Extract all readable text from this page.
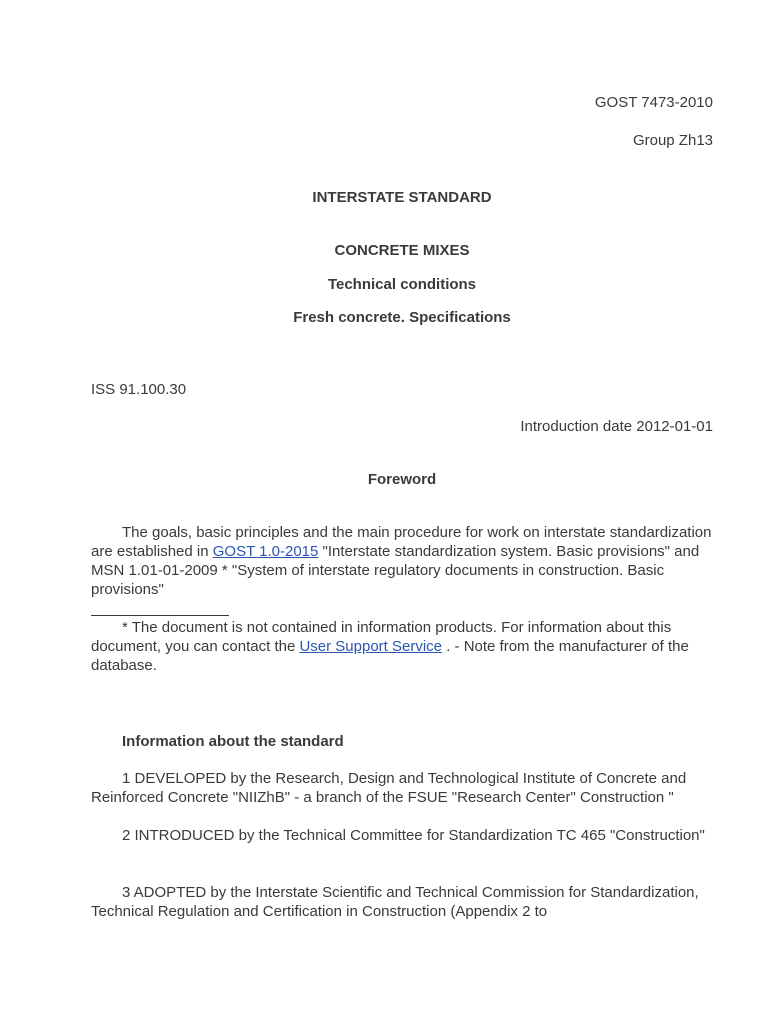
GOST 7473-2010
Group Zh13
INTERSTATE STANDARD
CONCRETE MIXES
Technical conditions
Fresh concrete. Specifications
ISS 91.100.30
Introduction date 2012-01-01
Foreword
The goals, basic principles and the main procedure for work on interstate standardization are established in GOST 1.0-2015 "Interstate standardization system. Basic provisions" and MSN 1.01-01-2009 * "System of interstate regulatory documents in construction. Basic provisions"
* The document is not contained in information products. For information about this document, you can contact the User Support Service . - Note from the manufacturer of the database.
Information about the standard
1 DEVELOPED by the Research, Design and Technological Institute of Concrete and Reinforced Concrete "NIIZhB" - a branch of the FSUE "Research Center" Construction "
2 INTRODUCED by the Technical Committee for Standardization TC 465 "Construction"
3 ADOPTED by the Interstate Scientific and Technical Commission for Standardization, Technical Regulation and Certification in Construction (Appendix 2 to
